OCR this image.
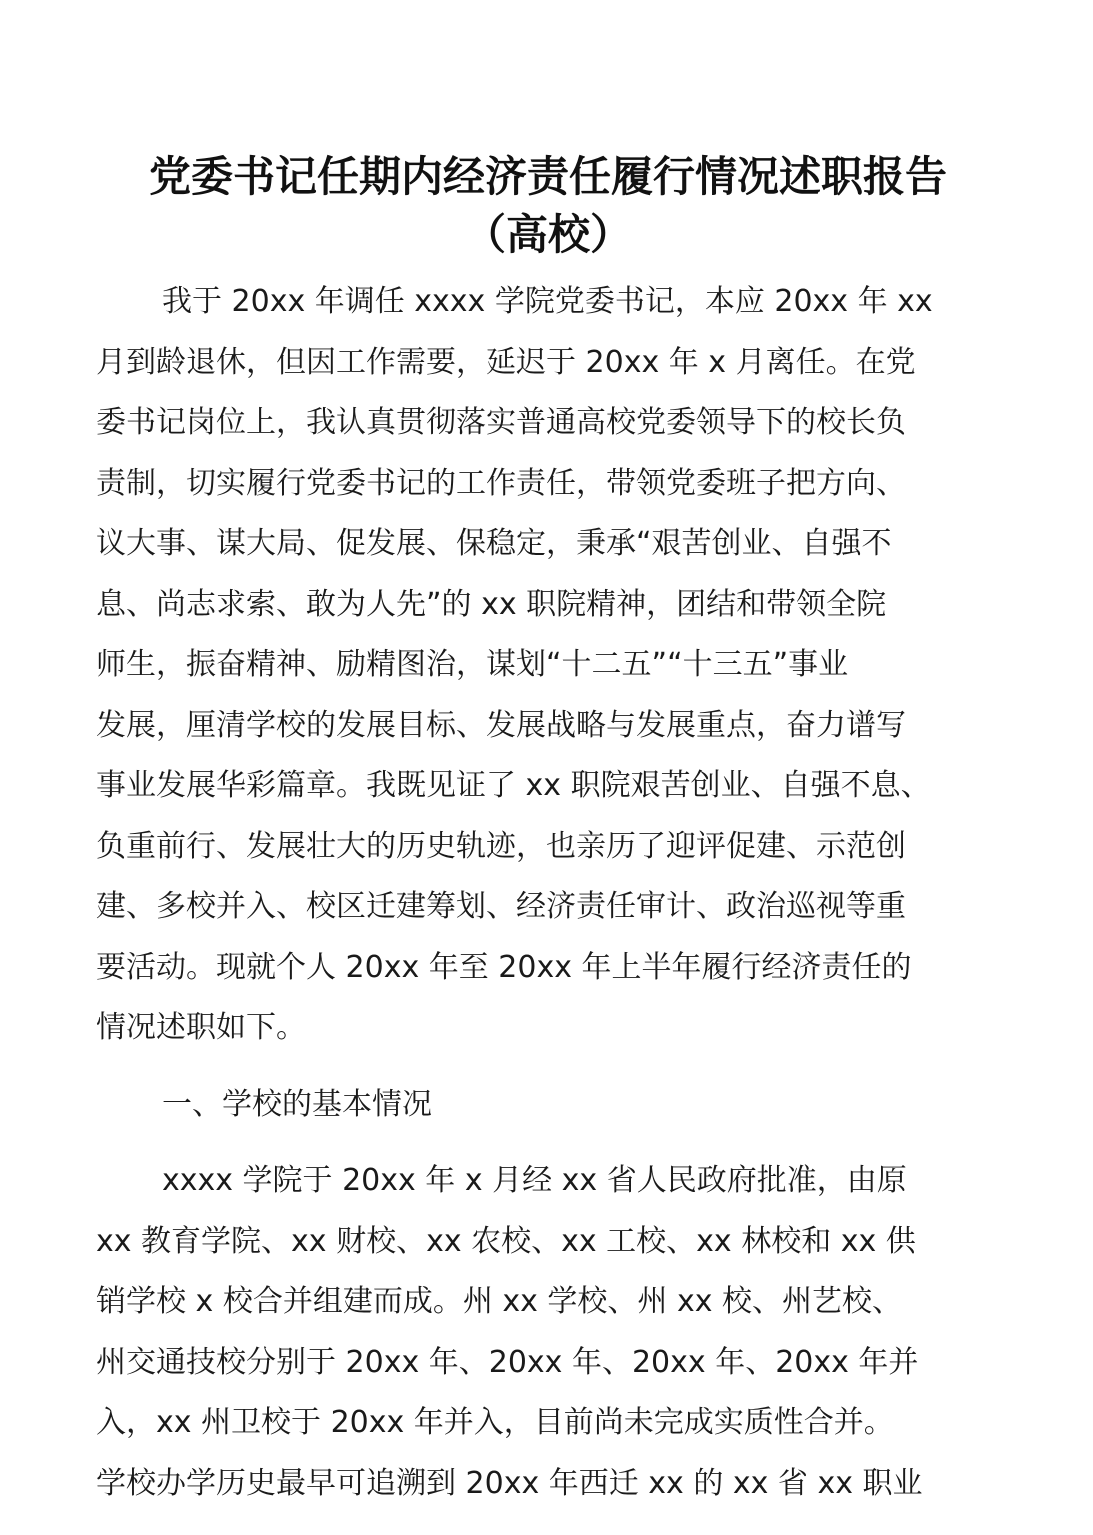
党委书记任期内经济责任履行情况述职报告
（高校）
我于 20xx 年调任 xxxx 学院党委书记，本应 20xx 年 xx
月到龄退休，但因工作需要，延迟于 20xx 年 x 月离任。在党
委书记岗位上，我认真贯彻落实普通高校党委领导下的校长负
责制，切实履行党委书记的工作责任，带领党委班子把方向、
议大事、谋大局、促发展、保稳定，秉承“艰苦创业、自强不
息、尚志求索、敢为人先”的 xx 职院精神，团结和带领全院
师生，振奋精神、励精图治，谋划“十二五”“十三五”事业
发展，厘清学校的发展目标、发展战略与发展重点，奋力谱写
事业发展华彩篇章。我既见证了 xx 职院艰苦创业、自强不息、
负重前行、发展壮大的历史轨迹，也亲历了迎评促建、示范创
建、多校并入、校区迁建筹划、经济责任审计、政治巡视等重
要活动。现就个人 20xx 年至 20xx 年上半年履行经济责任的
情况述职如下。
一、学校的基本情况
xxxx 学院于 20xx 年 x 月经 xx 省人民政府批准，由原
xx 教育学院、xx 财校、xx 农校、xx 工校、xx 林校和 xx 供
销学校 x 校合并组建而成。州 xx 学校、州 xx 校、州艺校、
州交通技校分别于 20xx 年、20xx 年、20xx 年、20xx 年并
入，xx 州卫校于 20xx 年并入，目前尚未完成实质性合并。
学校办学历史最早可追溯到 20xx 年西迁 xx 的 xx 省 xx 职业
